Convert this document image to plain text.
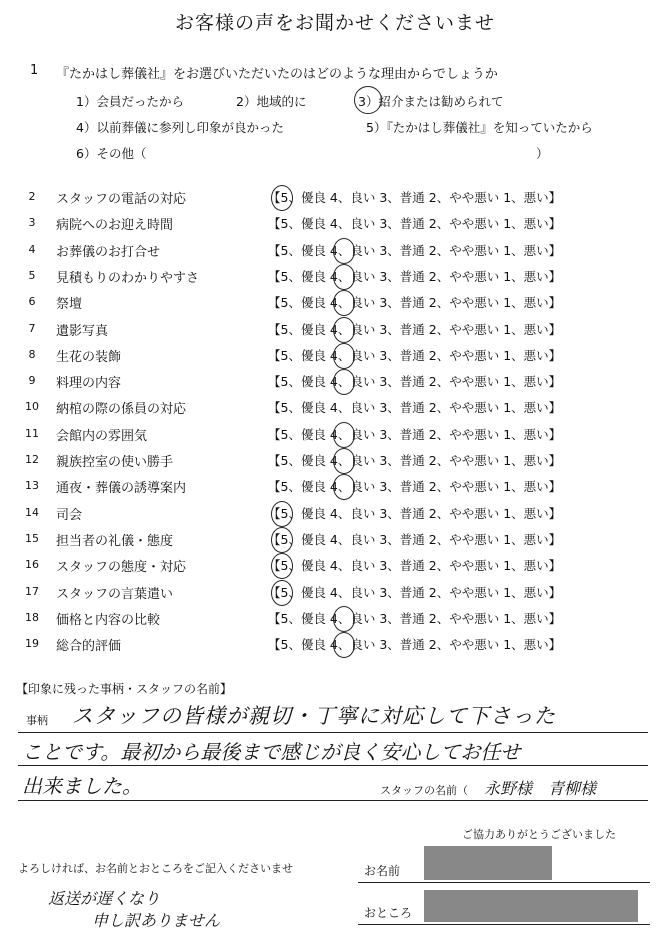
お客様の声をお聞かせくださいませ
1 『たかはし葬儀社』をお選びいただいたのはどのような理由からでしょうか
1）会員だったから	2）地域的に	3）紹介または勧められて
4）以前葬儀に参列し印象が良かった	5）『たかはし葬儀社』を知っていたから
6）その他（	）
2	スタッフの電話の対応	【5、優良 4、良い 3、普通 2、やや悪い 1、悪い】
3	病院へのお迎え時間	【5、優良 4、良い 3、普通 2、やや悪い 1、悪い】
4	お葬儀のお打合せ	【5、優良 4、良い 3、普通 2、やや悪い 1、悪い】
5	見積もりのわかりやすさ	【5、優良 4、良い 3、普通 2、やや悪い 1、悪い】
6	祭壇	【5、優良 4、良い 3、普通 2、やや悪い 1、悪い】
7	遺影写真	【5、優良 4、良い 3、普通 2、やや悪い 1、悪い】
8	生花の装飾	【5、優良 4、良い 3、普通 2、やや悪い 1、悪い】
9	料理の内容	【5、優良 4、良い 3、普通 2、やや悪い 1、悪い】
10 納棺の際の係員の対応	【5、優良 4、良い 3、普通 2、やや悪い 1、悪い】
11 会館内の雰囲気	【5、優良 4、良い 3、普通 2、やや悪い 1、悪い】
12 親族控室の使い勝手	【5、優良 4、良い 3、普通 2、やや悪い 1、悪い】
13 通夜・葬儀の誘導案内	【5、優良 4、良い 3、普通 2、やや悪い 1、悪い】
14 司会	【5、優良 4、良い 3、普通 2、やや悪い 1、悪い】
15 担当者の礼儀・態度	【5、優良 4、良い 3、普通 2、やや悪い 1、悪い】
16 スタッフの態度・対応	【5、優良 4、良い 3、普通 2、やや悪い 1、悪い】
17 スタッフの言葉遣い	【5、優良 4、良い 3、普通 2、やや悪い 1、悪い】
18 価格と内容の比較	【5、優良 4、良い 3、普通 2、やや悪い 1、悪い】
19 総合的評価	【5、優良 4、良い 3、普通 2、やや悪い 1、悪い】
【印象に残った事柄・スタッフの名前】
事柄 スタッフの皆様が親切・丁寧に対応して下さった
ことです。最初から最後まで感じが良く安心してお任せ
出来ました。	スタッフの名前（ 永野様　青柳様
ご協力ありがとうございました
よろしければ、お名前とおところをご記入くださいませ	お名前
おところ
返送が遅くなり
申し訳ありません
